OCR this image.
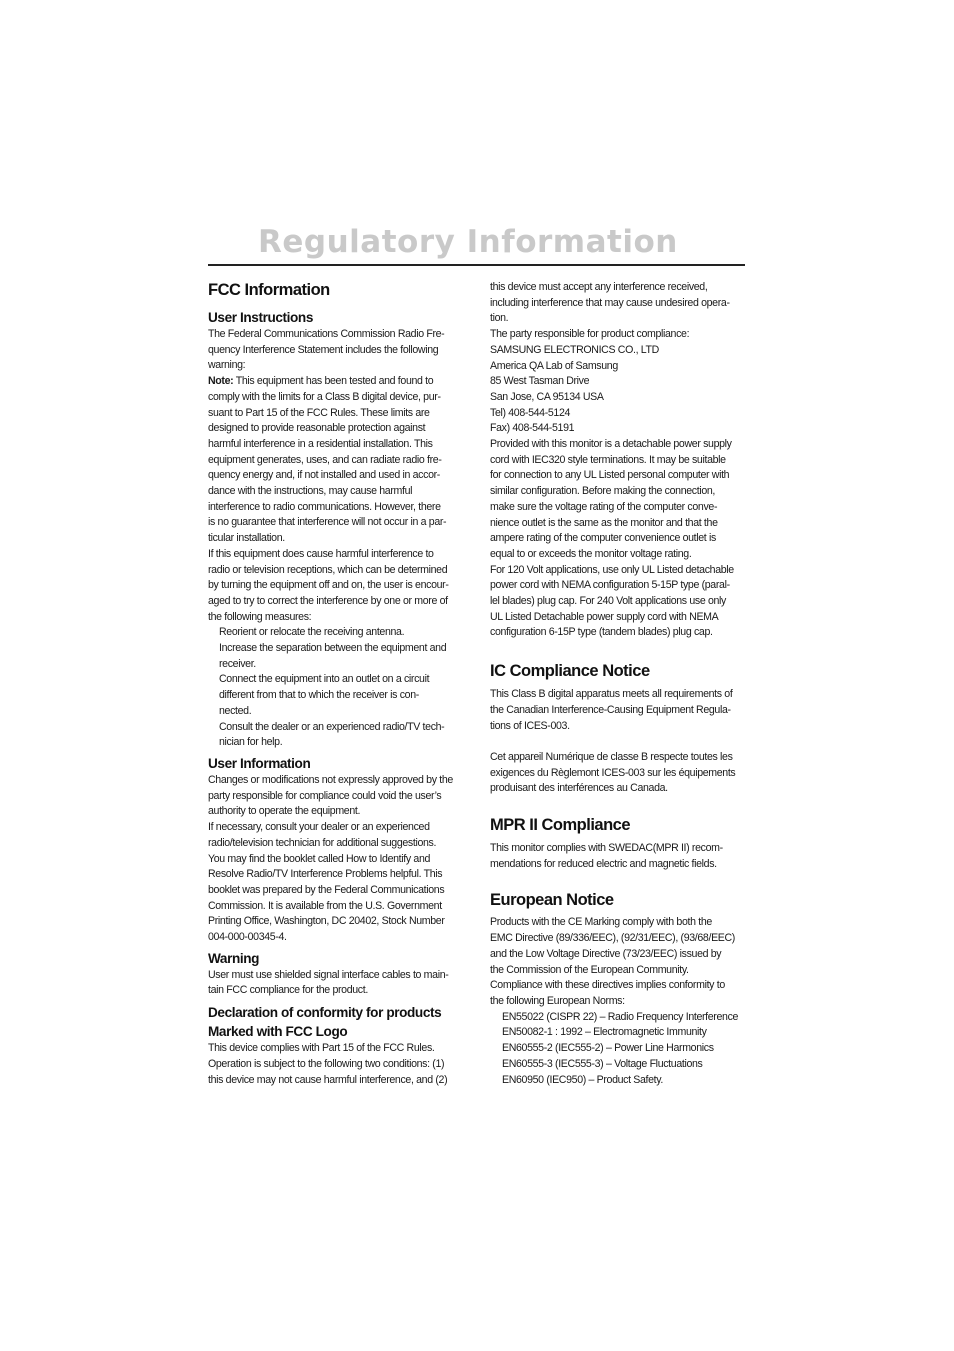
Regulatory Information
FCC Information
User Instructions
The Federal Communications Commission Radio Fre-
quency Interference Statement includes the following
warning:
Note: This equipment has been tested and found to
comply with the limits for a Class B digital device, pur-
suant to Part 15 of the FCC Rules. These limits are
designed to provide reasonable protection against
harmful interference in a residential installation. This
equipment generates, uses, and can radiate radio fre-
quency energy and, if not installed and used in accor-
dance with the instructions, may cause harmful
interference to radio communications. However, there
is no guarantee that interference will not occur in a par-
ticular installation.
If this equipment does cause harmful interference to
radio or television receptions, which can be determined
by turning the equipment off and on, the user is encour-
aged to try to correct the interference by one or more of
the following measures:
Reorient or relocate the receiving antenna.
Increase the separation between the equipment and
receiver.
Connect the equipment into an outlet on a circuit
different from that to which the receiver is con-
nected.
Consult the dealer or an experienced radio/TV tech-
nician for help.
User Information
Changes or modifications not expressly approved by the
party responsible for compliance could void the user’s
authority to operate the equipment.
If necessary, consult your dealer or an experienced
radio/television technician for additional suggestions.
You may find the booklet called How to Identify and
Resolve Radio/TV Interference Problems helpful. This
booklet was prepared by the Federal Communications
Commission. It is available from the U.S. Government
Printing Office, Washington, DC 20402, Stock Number
004-000-00345-4.
Warning
User must use shielded signal interface cables to main-
tain FCC compliance for the product.
Declaration of conformity for products
Marked with FCC Logo
This device complies with Part 15 of the FCC Rules.
Operation is subject to the following two conditions: (1)
this device may not cause harmful interference, and (2)
this device must accept any interference received,
including interference that may cause undesired opera-
tion.
The party responsible for product compliance:
SAMSUNG ELECTRONICS CO., LTD
America QA Lab of Samsung
85 West Tasman Drive
San Jose, CA 95134 USA
Tel) 408-544-5124
Fax) 408-544-5191
Provided with this monitor is a detachable power supply
cord with IEC320 style terminations. It may be suitable
for connection to any UL Listed personal computer with
similar configuration. Before making the connection,
make sure the voltage rating of the computer conve-
nience outlet is the same as the monitor and that the
ampere rating of the computer convenience outlet is
equal to or exceeds the monitor voltage rating.
For 120 Volt applications, use only UL Listed detachable
power cord with NEMA configuration 5-15P type (paral-
lel blades) plug cap. For 240 Volt applications use only
UL Listed Detachable power supply cord with NEMA
configuration 6-15P type (tandem blades) plug cap.
IC Compliance Notice
This Class B digital apparatus meets all requirements of
the Canadian Interference-Causing Equipment Regula-
tions of ICES-003.
Cet appareil Numérique de classe B respecte toutes les
exigences du Règlemont ICES-003 sur les équipements
produisant des interférences au Canada.
MPR II Compliance
This monitor complies with SWEDAC(MPR II) recom-
mendations for reduced electric and magnetic fields.
European Notice
Products with the CE Marking comply with both the
EMC Directive (89/336/EEC), (92/31/EEC), (93/68/EEC)
and the Low Voltage Directive (73/23/EEC) issued by
the Commission of the European Community.
Compliance with these directives implies conformity to
the following European Norms:
EN55022 (CISPR 22) – Radio Frequency Interference
EN50082-1 : 1992 – Electromagnetic Immunity
EN60555-2 (IEC555-2) – Power Line Harmonics
EN60555-3 (IEC555-3) – Voltage Fluctuations
EN60950 (IEC950) – Product Safety.
